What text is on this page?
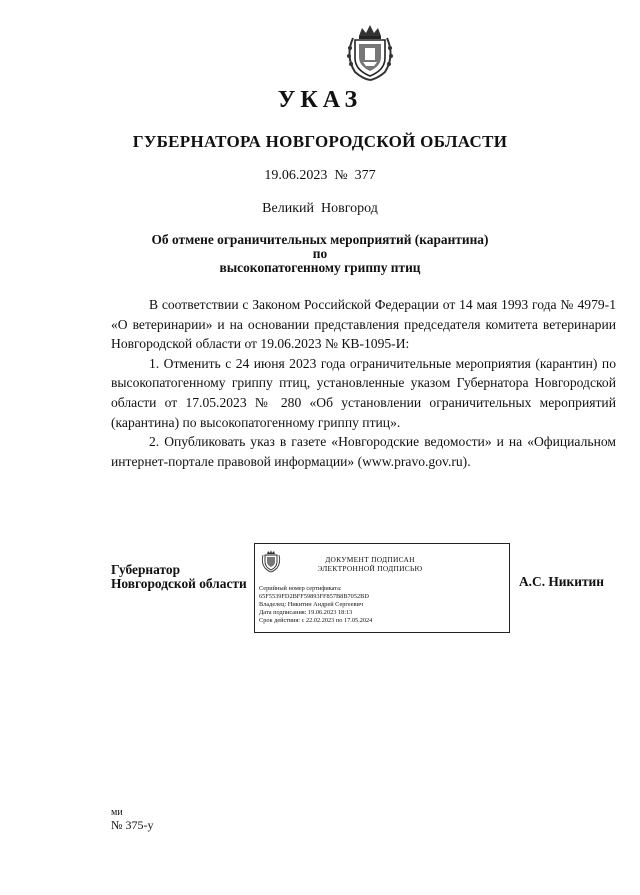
УКАЗ
ГУБЕРНАТОРА НОВГОРОДСКОЙ ОБЛАСТИ
19.06.2023  №  377
Великий  Новгород
Об отмене ограничительных мероприятий (карантина) по
высокопатогенному гриппу птиц

В соответствии с Законом Российской Федерации от 14 мая 1993 года № 4979-1 «О ветеринарии» и на основании представления председателя комитета ветеринарии Новгородской области от 19.06.2023 № КВ-1095-И:

1. Отменить с 24 июня 2023 года ограничительные мероприятия (карантин) по высокопатогенному гриппу птиц, установленные указом Губернатора Новгородской области от 17.05.2023 № 280 «Об установлении ограничительных мероприятий (карантина) по высокопатогенному гриппу птиц».

2. Опубликовать указ в газете «Новгородские ведомости» и на «Официальном интернет-портале правовой информации» (www.pravo.gov.ru).

Губернатор
Новгородской области
ДОКУМЕНТ ПОДПИСАН
ЭЛЕКТРОННОЙ ПОДПИСЬЮ
Серийный номер сертификата:
65F5539FD2BFF59893FF857B8B7052BD
Владелец: Никитин Андрей Сергеевич
Дата подписания: 19.06.2023 18:13
Срок действия: с 22.02.2023 по 17.05.2024
А.С. Никитин
ми
№ 375-у
